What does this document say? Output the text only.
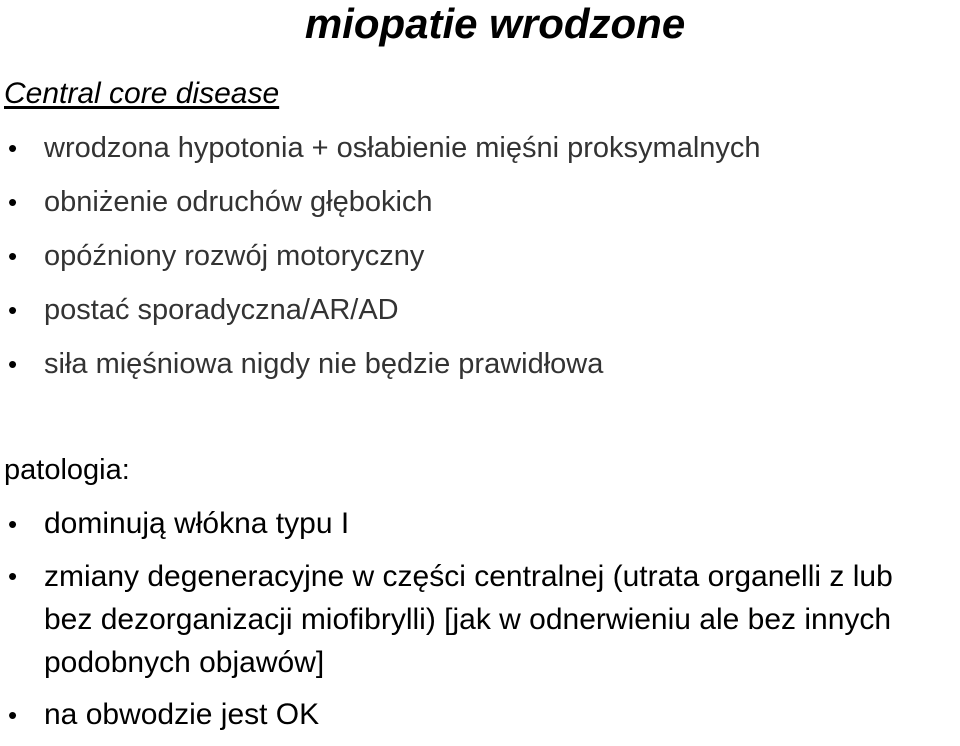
miopatie wrodzone
Central core disease
• wrodzona hypotonia + osłabienie mięśni proksymalnych
• obniżenie odruchów głębokich
• opóźniony rozwój motoryczny
• postać sporadyczna/AR/AD
• siła mięśniowa nigdy nie będzie prawidłowa
patologia:
• dominują włókna typu I
• zmiany degeneracyjne w części centralnej (utrata organelli z lub bez dezorganizacji miofibrylli) [jak w odnerwieniu ale bez innych podobnych objawów]
• na obwodzie jest OK
